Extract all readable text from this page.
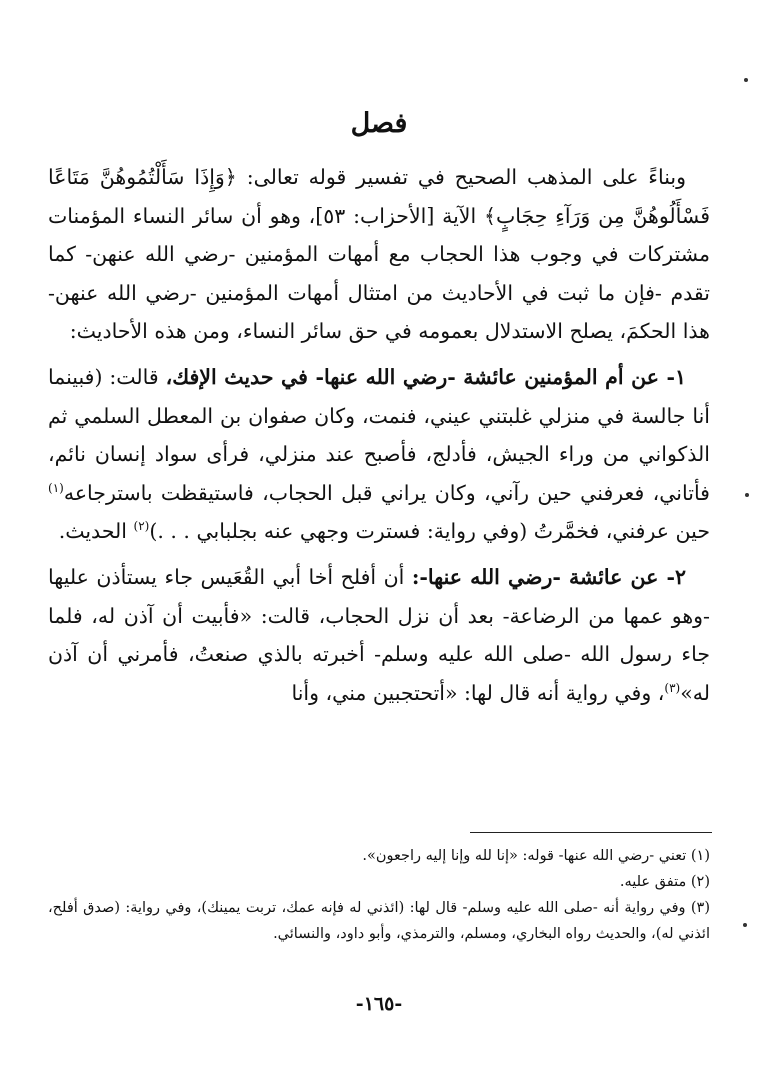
فصل

وبناءً على المذهب الصحيح في تفسير قوله تعالى: ﴿وَإِذَا سَأَلْتُمُوهُنَّ مَتَاعًا فَسْأَلُوهُنَّ مِن وَرَآءِ حِجَابٍ﴾ الآية [الأحزاب: ٥٣]، وهو أن سائر النساء المؤمنات مشتركات في وجوب هذا الحجاب مع أمهات المؤمنين -رضي الله عنهن- كما تقدم -فإن ما ثبت في الأحاديث من امتثال أمهات المؤمنين -رضي الله عنهن- هذا الحكمَ، يصلح الاستدلال بعمومه في حق سائر النساء، ومن هذه الأحاديث:

١- عن أم المؤمنين عائشة -رضي الله عنها- في حديث الإفك، قالت: (فبينما أنا جالسة في منزلي غلبتني عيني، فنمت، وكان صفوان بن المعطل السلمي ثم الذكواني من وراء الجيش، فأدلج، فأصبح عند منزلي، فرأى سواد إنسان نائم، فأتاني، فعرفني حين رآني، وكان يراني قبل الحجاب، فاستيقظت باسترجاعه$^{(١)}$ حين عرفني، فخمَّرتُ (وفي رواية: فسترت وجهي عنه بجلبابي . . .)$^{(٢)}$ الحديث.

٢- عن عائشة -رضي الله عنها-: أن أفلح أخا أبي القُعَيس جاء يستأذن عليها -وهو عمها من الرضاعة- بعد أن نزل الحجاب، قالت: «فأبيت أن آذن له، فلما جاء رسول الله -صلى الله عليه وسلم- أخبرته بالذي صنعتُ، فأمرني أن آذن له»$^{(٣)}$، وفي رواية أنه قال لها: «أتحتجبين مني، وأنا

(١) تعني -رضي الله عنها- قوله: «إنا لله وإنا إليه راجعون».

(٢) متفق عليه.

(٣) وفي رواية أنه -صلى الله عليه وسلم- قال لها: (ائذني له فإنه عمك، تربت يمينك)، وفي رواية: (صدق أفلح، ائذني له)، والحديث رواه البخاري، ومسلم، والترمذي، وأبو داود، والنسائي.

-١٦٥-
